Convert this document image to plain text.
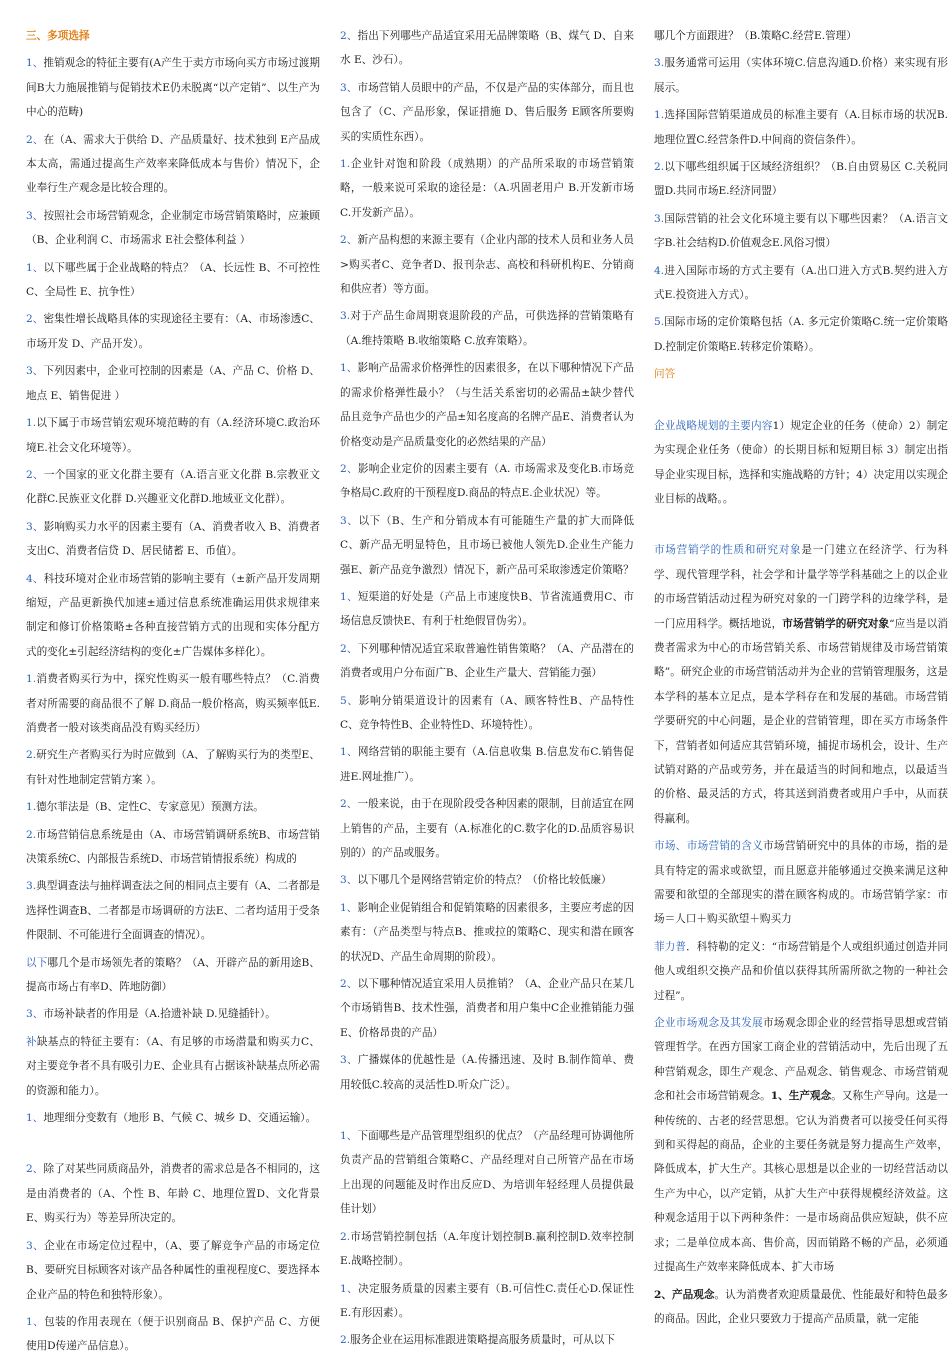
三、多项选择

1、推销观念的特征主要有(A产生于卖方市场向买方市场过渡期间B大力施展推销与促销技术E仍未脱离“以产定销”、以生产为中心的范畴)

2、在（A、需求大于供给 D、产品质量好、技术独到 E产品成本太高，需通过提高生产效率来降低成本与售价）情况下，企业奉行生产观念是比较合理的。

3、按照社会市场营销观念，企业制定市场营销策略时，应兼顾（B、企业利润 C、市场需求 E社会整体利益 ）

1、以下哪些属于企业战略的特点？（A、长远性 B、不可控性 C、全局性 E、抗争性）

2、密集性增长战略具体的实现途径主要有：（A、市场渗透C、市场开发 D、产品开发）。

3、下列因素中，企业可控制的因素是（A、产品 C、价格 D、地点 E、销售促进 ）

1.以下属于市场营销宏观环境范畴的有（A.经济环境C.政治环境E.社会文化环境等）。

2、一个国家的亚文化群主要有（A.语言亚文化群 B.宗教亚文化群C.民族亚文化群 D.兴趣亚文化群D.地域亚文化群）。

3、影响购买力水平的因素主要有（A、消费者收入 B、消费者支出C、消费者信贷 D、居民储蓄 E、币值）。

4、科技环境对企业市场营销的影响主要有（±新产品开发周期缩短，产品更新换代加速±通过信息系统准确运用供求规律来制定和修订价格策略±各种直接营销方式的出现和实体分配方式的变化±引起经济结构的变化±广告媒体多样化）。

1.消费者购买行为中，探究性购买一般有哪些特点？（C.消费者对所需要的商品很不了解 D.商品一般价格高，购买频率低E.消费者一般对该类商品没有购买经历）

2.研究生产者购买行为时应做到（A、了解购买行为的类型E、有针对性地制定营销方案 ）。

1.德尔菲法是（B、定性C、专家意见）预测方法。

2.市场营销信息系统是由（A、市场营销调研系统B、市场营销决策系统C、内部报告系统D、市场营销情报系统）构成的

3.典型调查法与抽样调查法之间的相同点主要有（A、二者都是选择性调查B、二者都是市场调研的方法E、二者均适用于受条件限制、不可能进行全面调查的情况）。

以下哪几个是市场领先者的策略？（A、开辟产品的新用途B、提高市场占有率D、阵地防御）

3、市场补缺者的作用是（A.拾遗补缺 D.见缝插针）。

补缺基点的特征主要有：（A、有足够的市场潜量和购买力C、对主要竞争者不具有吸引力E、企业具有占据该补缺基点所必需的资源和能力）。

1、地理细分变数有（地形 B、气候 C、城乡 D、交通运输）。

2、除了对某些同质商品外，消费者的需求总是各不相同的，这是由消费者的（A、个性 B、年龄 C、地理位置D、文化背景E、购买行为）等差异所决定的。

3、企业在市场定位过程中，（A、要了解竞争产品的市场定位B、要研究目标顾客对该产品各种属性的重视程度C、要选择本企业产品的特色和独特形象）。

1、包装的作用表现在（便于识别商品 B、保护产品 C、方便使用D传递产品信息）。

2、指出下列哪些产品适宜采用无品牌策略（B、煤气 D、自来水 E、沙石）。

3、市场营销人员眼中的产品，不仅是产品的实体部分，而且也包含了（C、产品形象，保证措施 D、售后服务 E顾客所要购买的实质性东西）。

1.企业针对饱和阶段（成熟期）的产品所采取的市场营销策略，一般来说可采取的途径是：（A.巩固老用户 B.开发新市场C.开发新产品）。

2、新产品构想的来源主要有（企业内部的技术人员和业务人员>购买者C、竞争者D、报刊杂志、高校和科研机构E、分销商和供应者）等方面。

3.对于产品生命周期衰退阶段的产品，可供选择的营销策略有（A.维持策略 B.收缩策略 C.放弃策略）。

1、影响产品需求价格弹性的因素很多，在以下哪种情况下产品的需求价格弹性最小？（与生活关系密切的必需品±缺少替代品且竞争产品也少的产品±知名度高的名牌产品E、消费者认为价格变动是产品质量变化的必然结果的产品）

2、影响企业定价的因素主要有（A. 市场需求及变化B.市场竞争格局C.政府的干预程度D.商品的特点E.企业状况）等。

3、以下（B、生产和分销成本有可能随生产量的扩大而降低C、新产品无明显特色，且市场已被他人领先D.企业生产能力强E、新产品竞争激烈）情况下，新产品可采取渗透定价策略？

1、短渠道的好处是（产品上市速度快B、节省流通费用C、市场信息反馈快E、有利于杜绝假冒伪劣）。

2、下列哪种情况适宜采取普遍性销售策略？（A、产品潜在的消费者或用户分布面广B、企业生产量大、营销能力强）

5、影响分销渠道设计的因素有（A、顾客特性B、产品特性C、竞争特性B、企业特性D、环境特性）。

1、网络营销的职能主要有（A.信息收集 B.信息发布C.销售促进E.网址推广）。

2、一般来说，由于在现阶段受各种因素的限制，目前适宜在网上销售的产品，主要有（A.标准化的C.数字化的D.品质容易识别的）的产品或服务。

3、以下哪几个是网络营销定价的特点？（价格比较低廉）

1、影响企业促销组合和促销策略的因素很多，主要应考虑的因素有：（产品类型与特点B、推或拉的策略C、现实和潜在顾客的状况D、产品生命周期的阶段）。

2、以下哪种情况适宜采用人员推销？（A、企业产品只在某几个市场销售B、技术性强，消费者和用户集中C企业推销能力强E、价格昂贵的产品）

3、广播媒体的优越性是（A.传播迅速、及时 B.制作简单、费用较低C.较高的灵活性D.听众广泛）。

1、下面哪些是产品管理型组织的优点？（产品经理可协调他所负责产品的营销组合策略C、产品经理对自己所管产品在市场上出现的问题能及时作出反应D、为培训年轻经理人员提供最佳计划）

2.市场营销控制包括（A.年度计划控制B.赢利控制D.效率控制E.战略控制）。

1、决定服务质量的因素主要有（B.可信性C.责任心D.保证性E.有形因素）。

2.服务企业在运用标准跟进策略提高服务质量时，可从以下

哪几个方面跟进？（B.策略C.经营E.管理）

3.服务通常可运用（实体环境C.信息沟通D.价格）来实现有形展示。

1.选择国际营销渠道成员的标准主要有（A.目标市场的状况B.地理位置C.经营条件D.中间商的资信条件）。

2.以下哪些组织属于区域经济组织？（B.自由贸易区 C.关税同盟D.共同市场E.经济同盟）

3.国际营销的社会文化环境主要有以下哪些因素？（A.语言文字B.社会结构D.价值观念E.风俗习惯）

4.进入国际市场的方式主要有（A.出口进入方式B.契约进入方式E.投资进入方式）。

5.国际市场的定价策略包括（A. 多元定价策略C.统一定价策略D.控制定价策略E.转移定价策略）。

问答

企业战略规划的主要内容1）规定企业的任务（使命）2）制定为实现企业任务（使命）的长期目标和短期目标 3）制定出指导企业实现目标，选择和实施战略的方针；4）决定用以实现企业目标的战略。。

市场营销学的性质和研究对象是一门建立在经济学、行为科学、现代管理学科，社会学和计量学等学科基础之上的以企业的市场营销活动过程为研究对象的一门跨学科的边缘学科，是一门应用科学。概括地说，市场营销学的研究对象“应当是以消费者需求为中心的市场营销关系、市场营销规律及市场营销策略”。研究企业的市场营销活动并为企业的营销管理服务，这是本学科的基本立足点，是本学科存在和发展的基础。市场营销学要研究的中心问题，是企业的营销管理，即在买方市场条件下，营销者如何适应其营销环境，捕捉市场机会，设计、生产试销对路的产品或劳务，并在最适当的时间和地点，以最适当的价格、最灵活的方式，将其送到消费者或用户手中，从而获得赢利。

市场、市场营销的含义市场营销研究中的具体的市场，指的是具有特定的需求或欲望，而且愿意并能够通过交换来满足这种需要和欲望的全部现实的潜在顾客构成的。市场营销学家：市场＝人口＋购买欲望＋购买力

菲力普．科特勒的定义：“市场营销是个人或组织通过创造并同他人或组织交换产品和价值以获得其所需所欲之物的一种社会过程”。

企业市场观念及其发展市场观念即企业的经营指导思想或营销管理哲学。在西方国家工商企业的营销活动中，先后出现了五种营销观念，即生产观念、产品观念、销售观念、市场营销观念和社会市场营销观念。1、生产观念。又称生产导向。这是一种传统的、古老的经营思想。它认为消费者可以接受任何买得到和买得起的商品，企业的主要任务就是努力提高生产效率，降低成本，扩大生产。其核心思想是以企业的一切经营活动以生产为中心，以产定销，从扩大生产中获得规模经济效益。这种观念适用于以下两种条件：一是市场商品供应短缺，供不应求；二是单位成本高、售价高，因而销路不畅的产品，必须通过提高生产效率来降低成本、扩大市场

2、产品观念。认为消费者欢迎质量最优、性能最好和特色最多的商品。因此，企业只要致力于提高产品质量，就一定能
